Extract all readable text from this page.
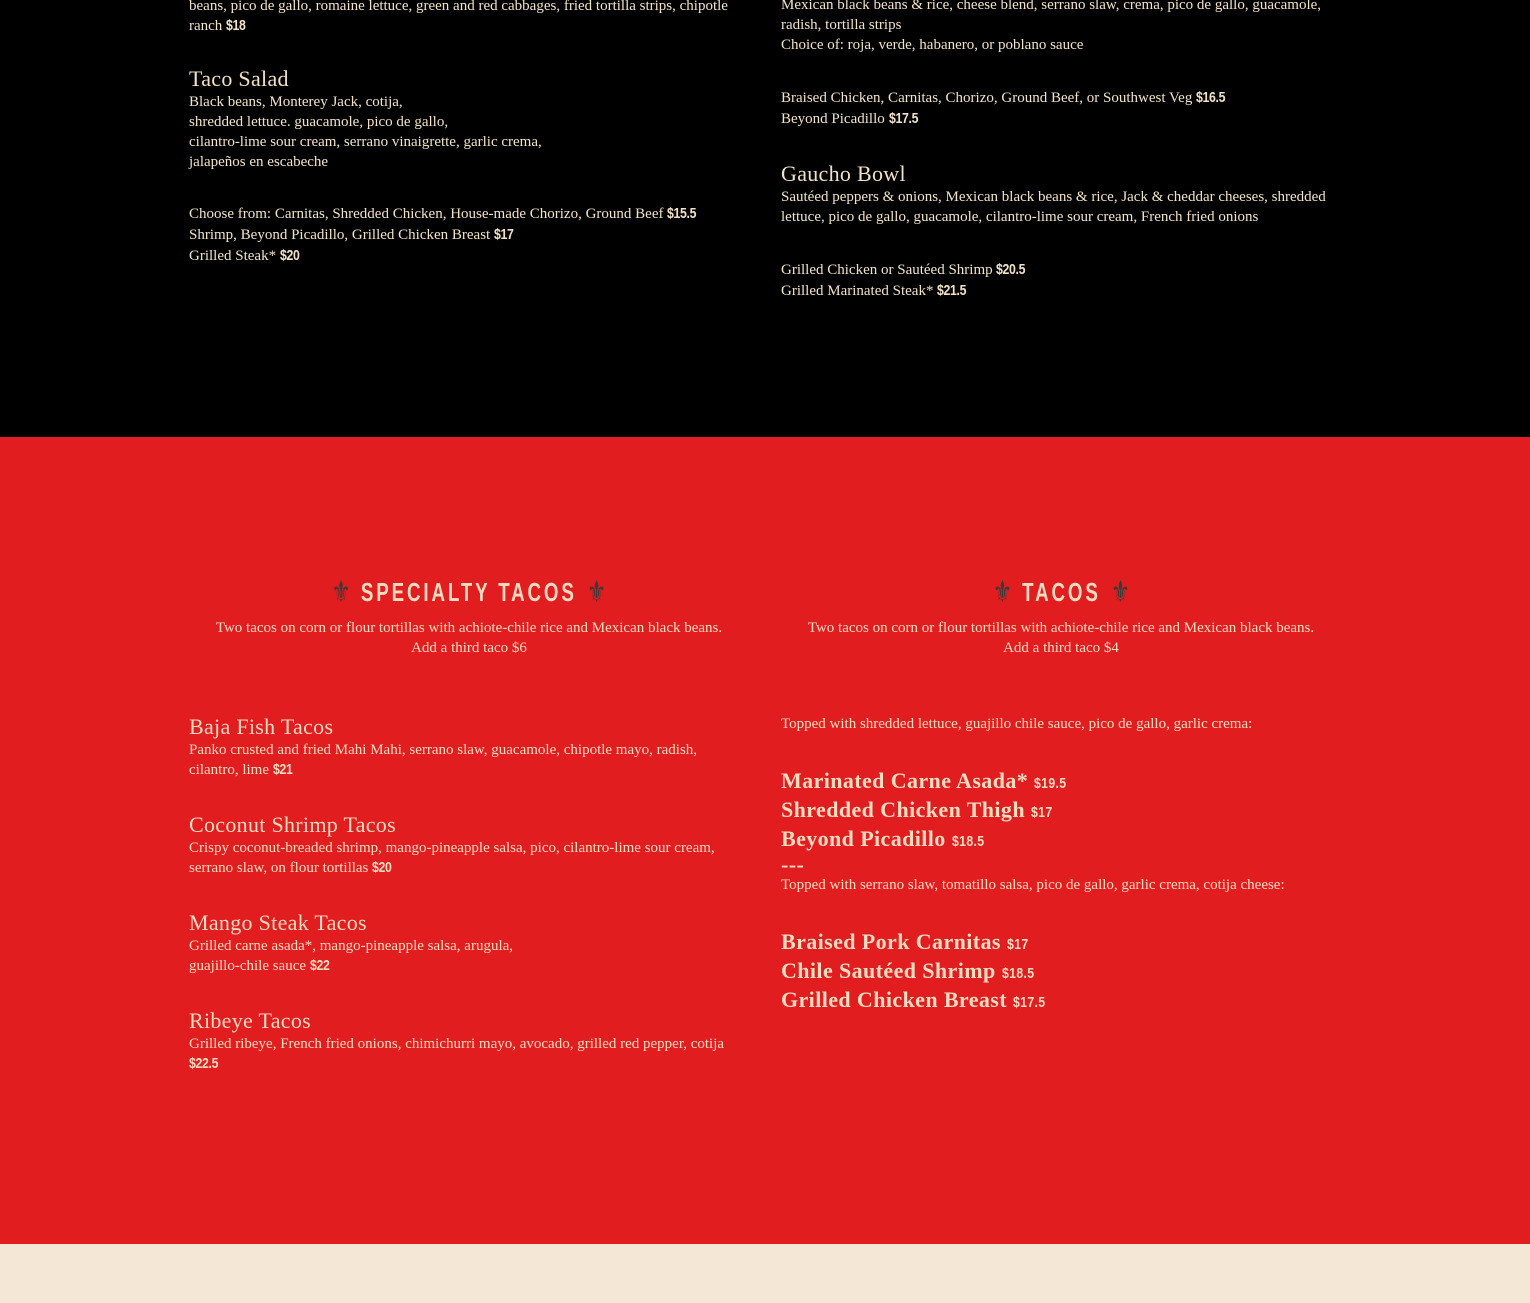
beans, pico de gallo, romaine lettuce, green and red cabbages, fried tortilla strips, chipotle

ranch $18

Taco Salad

Black beans, Monterey Jack, cotija,

shredded lettuce. guacamole, pico de gallo,

cilantro-lime sour cream, serrano vinaigrette, garlic crema,

jalapeños en escabeche

Choose from: Carnitas, Shredded Chicken, House-made Chorizo, Ground Beef $15.5

Shrimp, Beyond Picadillo, Grilled Chicken Breast $17

Grilled Steak* $20

Mexican black beans & rice, cheese blend, serrano slaw, crema, pico de gallo, guacamole,

radish, tortilla strips

Choice of: roja, verde, habanero, or poblano sauce

Braised Chicken, Carnitas, Chorizo, Ground Beef, or Southwest Veg $16.5

Beyond Picadillo $17.5

Gaucho Bowl

Sautéed peppers & onions, Mexican black beans & rice, Jack & cheddar cheeses, shredded

lettuce, pico de gallo, guacamole, cilantro-lime sour cream, French fried onions

Grilled Chicken or Sautéed Shrimp $20.5

Grilled Marinated Steak* $21.5

⚜ SPECIALTY TACOS ⚜

Two tacos on corn or flour tortillas with achiote-chile rice and Mexican black beans.

Add a third taco $6

⚜ TACOS ⚜

Two tacos on corn or flour tortillas with achiote-chile rice and Mexican black beans.

Add a third taco $4

Baja Fish Tacos

Panko crusted and fried Mahi Mahi, serrano slaw, guacamole, chipotle mayo, radish,

cilantro, lime $21

Coconut Shrimp Tacos

Crispy coconut-breaded shrimp, mango-pineapple salsa, pico, cilantro-lime sour cream,

serrano slaw, on flour tortillas $20

Mango Steak Tacos

Grilled carne asada*, mango-pineapple salsa, arugula,

guajillo-chile sauce $22

Ribeye Tacos

Grilled ribeye, French fried onions, chimichurri mayo, avocado, grilled red pepper, cotija

$22.5

Topped with shredded lettuce, guajillo chile sauce, pico de gallo, garlic crema:

Marinated Carne Asada* $19.5

Shredded Chicken Thigh $17

Beyond Picadillo $18.5

---

Topped with serrano slaw, tomatillo salsa, pico de gallo, garlic crema, cotija cheese:

Braised Pork Carnitas $17

Chile Sautéed Shrimp $18.5

Grilled Chicken Breast $17.5
